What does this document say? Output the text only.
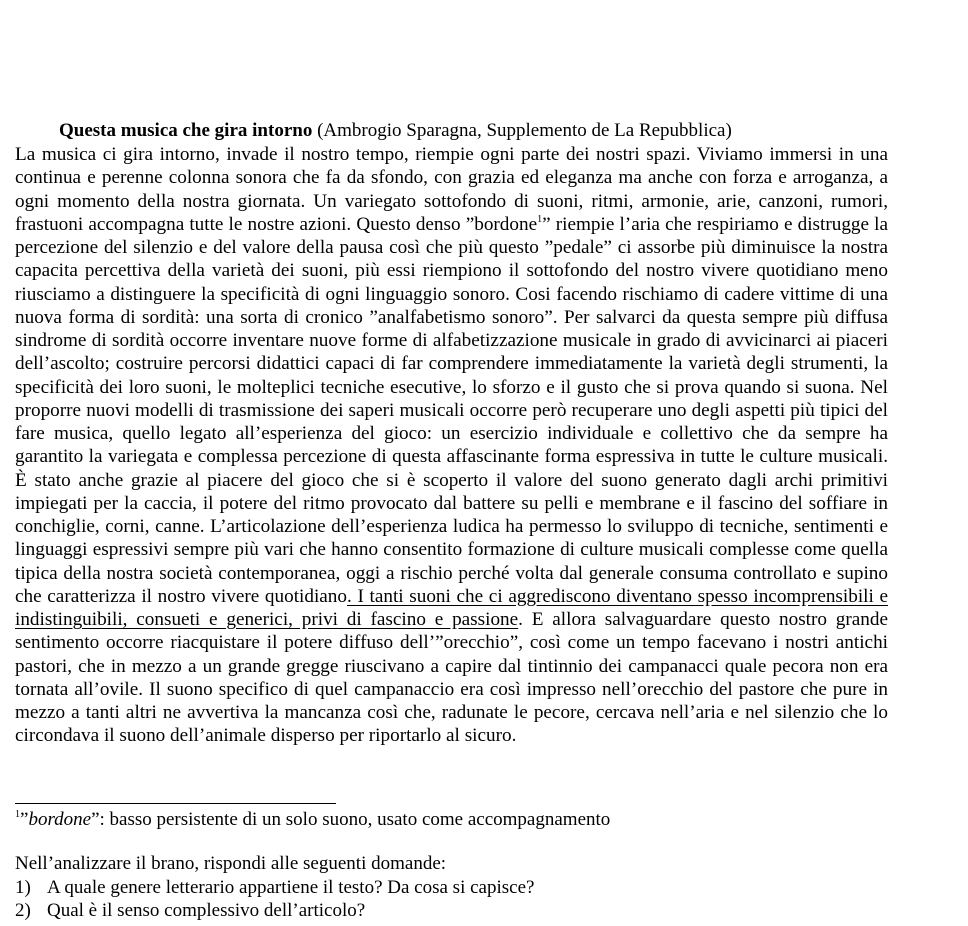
Questa musica che gira intorno (Ambrogio Sparagna, Supplemento de La Repubblica)
La musica ci gira intorno, invade il nostro tempo, riempie ogni parte dei nostri spazi. Viviamo immersi in una continua e perenne colonna sonora che fa da sfondo, con grazia ed eleganza ma anche con forza e arroganza, a ogni momento della nostra giornata. Un variegato sottofondo di suoni, ritmi, armonie, arie, canzoni, rumori, frastuoni accompagna tutte le nostre azioni. Questo denso ”bordone$^1$” riempie l’aria che respiriamo e distrugge la percezione del silenzio e del valore della pausa così che più questo ”pedale” ci assorbe più diminuisce la nostra capacita percettiva della varietà dei suoni, più essi riempiono il sottofondo del nostro vivere quotidiano meno riusciamo a distinguere la specificità di ogni linguaggio sonoro. Cosi facendo rischiamo di cadere vittime di una nuova forma di sordità: una sorta di cronico ”analfabetismo sonoro”. Per salvarci da questa sempre più diffusa sindrome di sordità occorre inventare nuove forme di alfabetizzazione musicale in grado di avvicinarci ai piaceri dell’ascolto; costruire percorsi didattici capaci di far comprendere immediatamente la varietà degli strumenti, la specificità dei loro suoni, le molteplici tecniche esecutive, lo sforzo e il gusto che si prova quando si suona. Nel proporre nuovi modelli di trasmissione dei saperi musicali occorre però recuperare uno degli aspetti più tipici del fare musica, quello legato all’esperienza del gioco: un esercizio individuale e collettivo che da sempre ha garantito la variegata e complessa percezione di questa affascinante forma espressiva in tutte le culture musicali. È stato anche grazie al piacere del gioco che si è scoperto il valore del suono generato dagli archi primitivi impiegati per la caccia, il potere del ritmo provocato dal battere su pelli e membrane e il fascino del soffiare in conchiglie, corni, canne. L’articolazione dell’esperienza ludica ha permesso lo sviluppo di tecniche, sentimenti e linguaggi espressivi sempre più vari che hanno consentito formazione di culture musicali complesse come quella tipica della nostra società contemporanea, oggi a rischio perché volta dal generale consuma controllato e supino che caratterizza il nostro vivere quotidiano. I tanti suoni che ci aggrediscono diventano spesso incomprensibili e indistinguibili, consueti e generici, privi di fascino e passione. E allora salvaguardare questo nostro grande sentimento occorre riacquistare il potere diffuso dell’”orecchio”, così come un tempo facevano i nostri antichi pastori, che in mezzo a un grande gregge riuscivano a capire dal tintinnio dei campanacci quale pecora non era tornata all’ovile. Il suono specifico di quel campanaccio era così impresso nell’orecchio del pastore che pure in mezzo a tanti altri ne avvertiva la mancanza così che, radunate le pecore, cercava nell’aria e nel silenzio che lo circondava il suono dell’animale disperso per riportarlo al sicuro.
$^1$”bordone”: basso persistente di un solo suono, usato come accompagnamento
Nell’analizzare il brano, rispondi alle seguenti domande:
1) A quale genere letterario appartiene il testo? Da cosa si capisce?
2) Qual è il senso complessivo dell’articolo?
